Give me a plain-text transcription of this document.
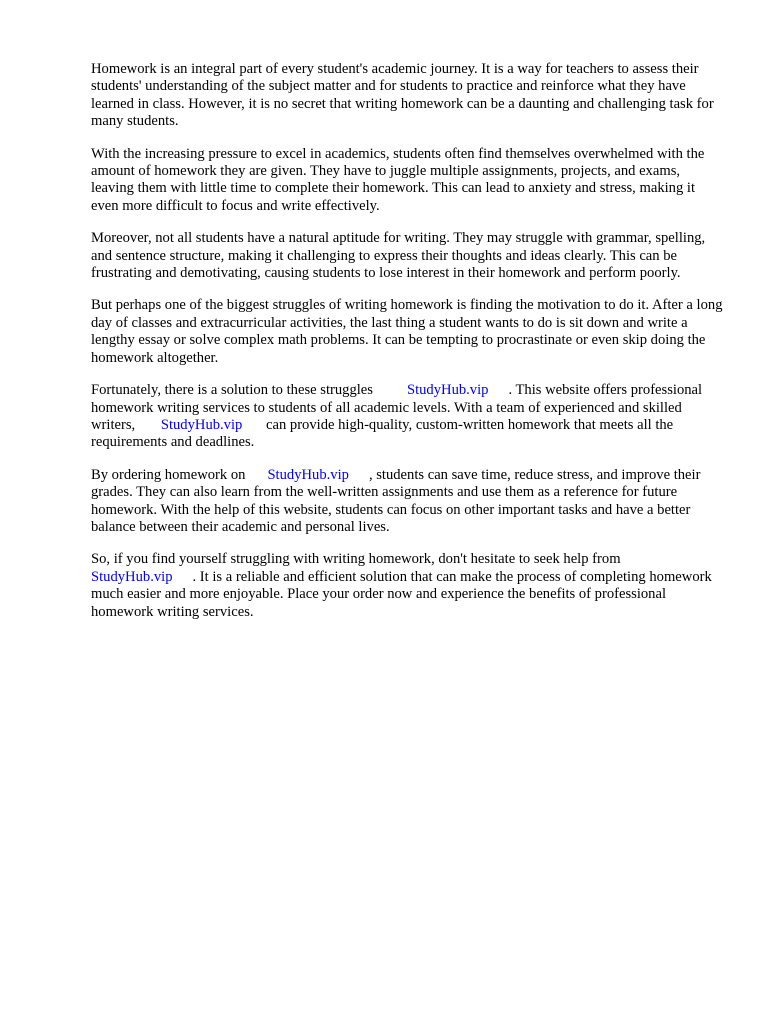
Homework is an integral part of every student's academic journey. It is a way for teachers to assess their students' understanding of the subject matter and for students to practice and reinforce what they have learned in class. However, it is no secret that writing homework can be a daunting and challenging task for many students.

With the increasing pressure to excel in academics, students often find themselves overwhelmed with the amount of homework they are given. They have to juggle multiple assignments, projects, and exams, leaving them with little time to complete their homework. This can lead to anxiety and stress, making it even more difficult to focus and write effectively.

Moreover, not all students have a natural aptitude for writing. They may struggle with grammar, spelling, and sentence structure, making it challenging to express their thoughts and ideas clearly. This can be frustrating and demotivating, causing students to lose interest in their homework and perform poorly.

But perhaps one of the biggest struggles of writing homework is finding the motivation to do it. After a long day of classes and extracurricular activities, the last thing a student wants to do is sit down and write a lengthy essay or solve complex math problems. It can be tempting to procrastinate or even skip doing the homework altogether.

Fortunately, there is a solution to these struggles StudyHub.vip . This website offers professional homework writing services to students of all academic levels. With a team of experienced and skilled writers, StudyHub.vip can provide high-quality, custom-written homework that meets all the requirements and deadlines.

By ordering homework on StudyHub.vip , students can save time, reduce stress, and improve their grades. They can also learn from the well-written assignments and use them as a reference for future homework. With the help of this website, students can focus on other important tasks and have a better balance between their academic and personal lives.

So, if you find yourself struggling with writing homework, don't hesitate to seek help from StudyHub.vip . It is a reliable and efficient solution that can make the process of completing homework much easier and more enjoyable. Place your order now and experience the benefits of professional homework writing services.
